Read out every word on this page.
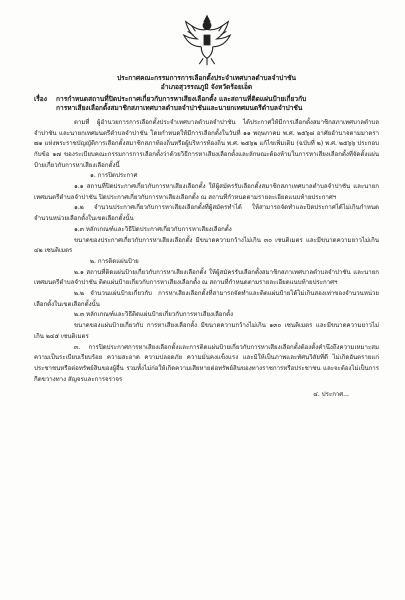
ประกาศคณะกรรมการการเลือกตั้งประจำเทศบาลตำบลจำปาชัน
อำเภอสุวรรณภูมิ จังหวัดร้อยเอ็ด
เรื่อง การกำหนดสถานที่ปิดประกาศเกี่ยวกับการหาเสียงเลือกตั้ง และสถานที่ติดแผ่นป้ายเกี่ยวกับ
การหาเสียงเลือกตั้งสมาชิกสภาเทศบาลตำบลจำปาชันและนายกเทศมนตรีตำบลจำปาชัน

ตามที่ ผู้อำนวยการการเลือกตั้งประจำเทศบาลตำบลจำปาชัน ได้ประกาศให้มีการเลือกตั้งสมาชิกสภาเทศบาลตำบลจำปาชัน และนายกเทศมนตรีตำบลจำปาชัน โดยกำหนดให้มีการเลือกตั้งในวันที่ ๑๑ พฤษภาคม พ.ศ. ๒๕๖๘ อาศัยอำนาจตามมาตรา ๗๑ แห่งพระราชบัญญัติการเลือกตั้งสมาชิกสภาท้องถิ่นหรือผู้บริหารท้องถิ่น พ.ศ. ๒๕๖๒ แก้ไขเพิ่มเติม (ฉบับที่ ๒) พ.ศ. ๒๕๖๖ ประกอบกับข้อ ๑๗ ของระเบียบคณะกรรมการการเลือกตั้งว่าด้วยวิธีการหาเสียงเลือกตั้งและลักษณะต้องห้ามในการหาเสียงเลือกตั้งที่จัดตั้งแผ่นป้ายเกี่ยวกับการหาเสียงเลือกตั้งนี้

๑. การปิดประกาศ

๑.๑ สถานที่ปิดประกาศเกี่ยวกับการหาเสียงเลือกตั้ง ให้ผู้สมัครรับเลือกตั้งสมาชิกสภาเทศบาลตำบลจำปาชัน และนายกเทศมนตรีตำบลจำปาชัน ปิดประกาศเกี่ยวกับการหาเสียงเลือกตั้ง ณ สถานที่กำหนดตามรายละเอียดแนบท้ายประกาศฯ

๑.๒ จำนวนประกาศเกี่ยวกับการหาเสียงเลือกตั้งที่ผู้สมัครทำได้ ให้สามารถจัดทำและปิดประกาศได้ไม่เกินกำหนดจำนวนหน่วยเลือกตั้งในเขตเลือกตั้งนั้น

๑.๓ หลักเกณฑ์และวิธีปิดประกาศเกี่ยวกับการหาเสียงเลือกตั้ง

ขนาดของประกาศเกี่ยวกับการหาเสียงเลือกตั้ง มีขนาดความกว้างไม่เกิน ๓๐ เซนติเมตร และมีขนาดความยาวไม่เกิน ๔๒ เซนติเมตร

๒. การติดแผ่นป้าย

๒.๑ สถานที่ติดแผ่นป้ายเกี่ยวกับการหาเสียงเลือกตั้ง ให้ผู้สมัครรับเลือกตั้งสมาชิกสภาเทศบาลตำบลจำปาชัน และนายกเทศมนตรีตำบลจำปาชัน ติดแผ่นป้ายเกี่ยวกับการหาเสียงเลือกตั้ง ณ สถานที่กำหนดตามรายละเอียดแนบท้ายประกาศฯ

๒.๒ จำนวนแผ่นป้ายเกี่ยวกับ การหาเสียงเลือกตั้งที่สามารถจัดทำและติดแผ่นป้ายได้ไม่เกินสองเท่าของจำนวนหน่วยเลือกตั้งในเขตเลือกตั้งนั้น

๒.๓ หลักเกณฑ์และวิธีติดแผ่นป้ายเกี่ยวกับการหาเสียงเลือกตั้ง

ขนาดของแผ่นป้ายเกี่ยวกับ การหาเสียงเลือกตั้ง มีขนาดความกว้างไม่เกิน ๑๓๐ เซนติเมตร และมีขนาดความยาวไม่เกิน ๒๔๕ เซนติเมตร

๓. การปิดประกาศการหาเสียงเลือกตั้งและการติดแผ่นป้ายเกี่ยวกับการหาเสียงเลือกตั้งต้องตั้งคำนึงถึงความเหมาะสม ความเป็นระเบียบเรียบร้อย ความสะอาด ความปลอดภัย ความมั่นคงแข็งแรง และมิให้เป็นภาพและทัศนวิสัยที่ดี ไม่เกิดอันตรายแก่ประชาชนหรือต่อทรัพย์สินของผู้อื่น รวมทั้งไม่ก่อให้เกิดความเสียหายต่อทรัพย์สินของทางราชการหรือประชาชน และจะต้องไม่เป็นการกีดขวางทาง สัญจรและการจราจร

๔. ประกาศ...
